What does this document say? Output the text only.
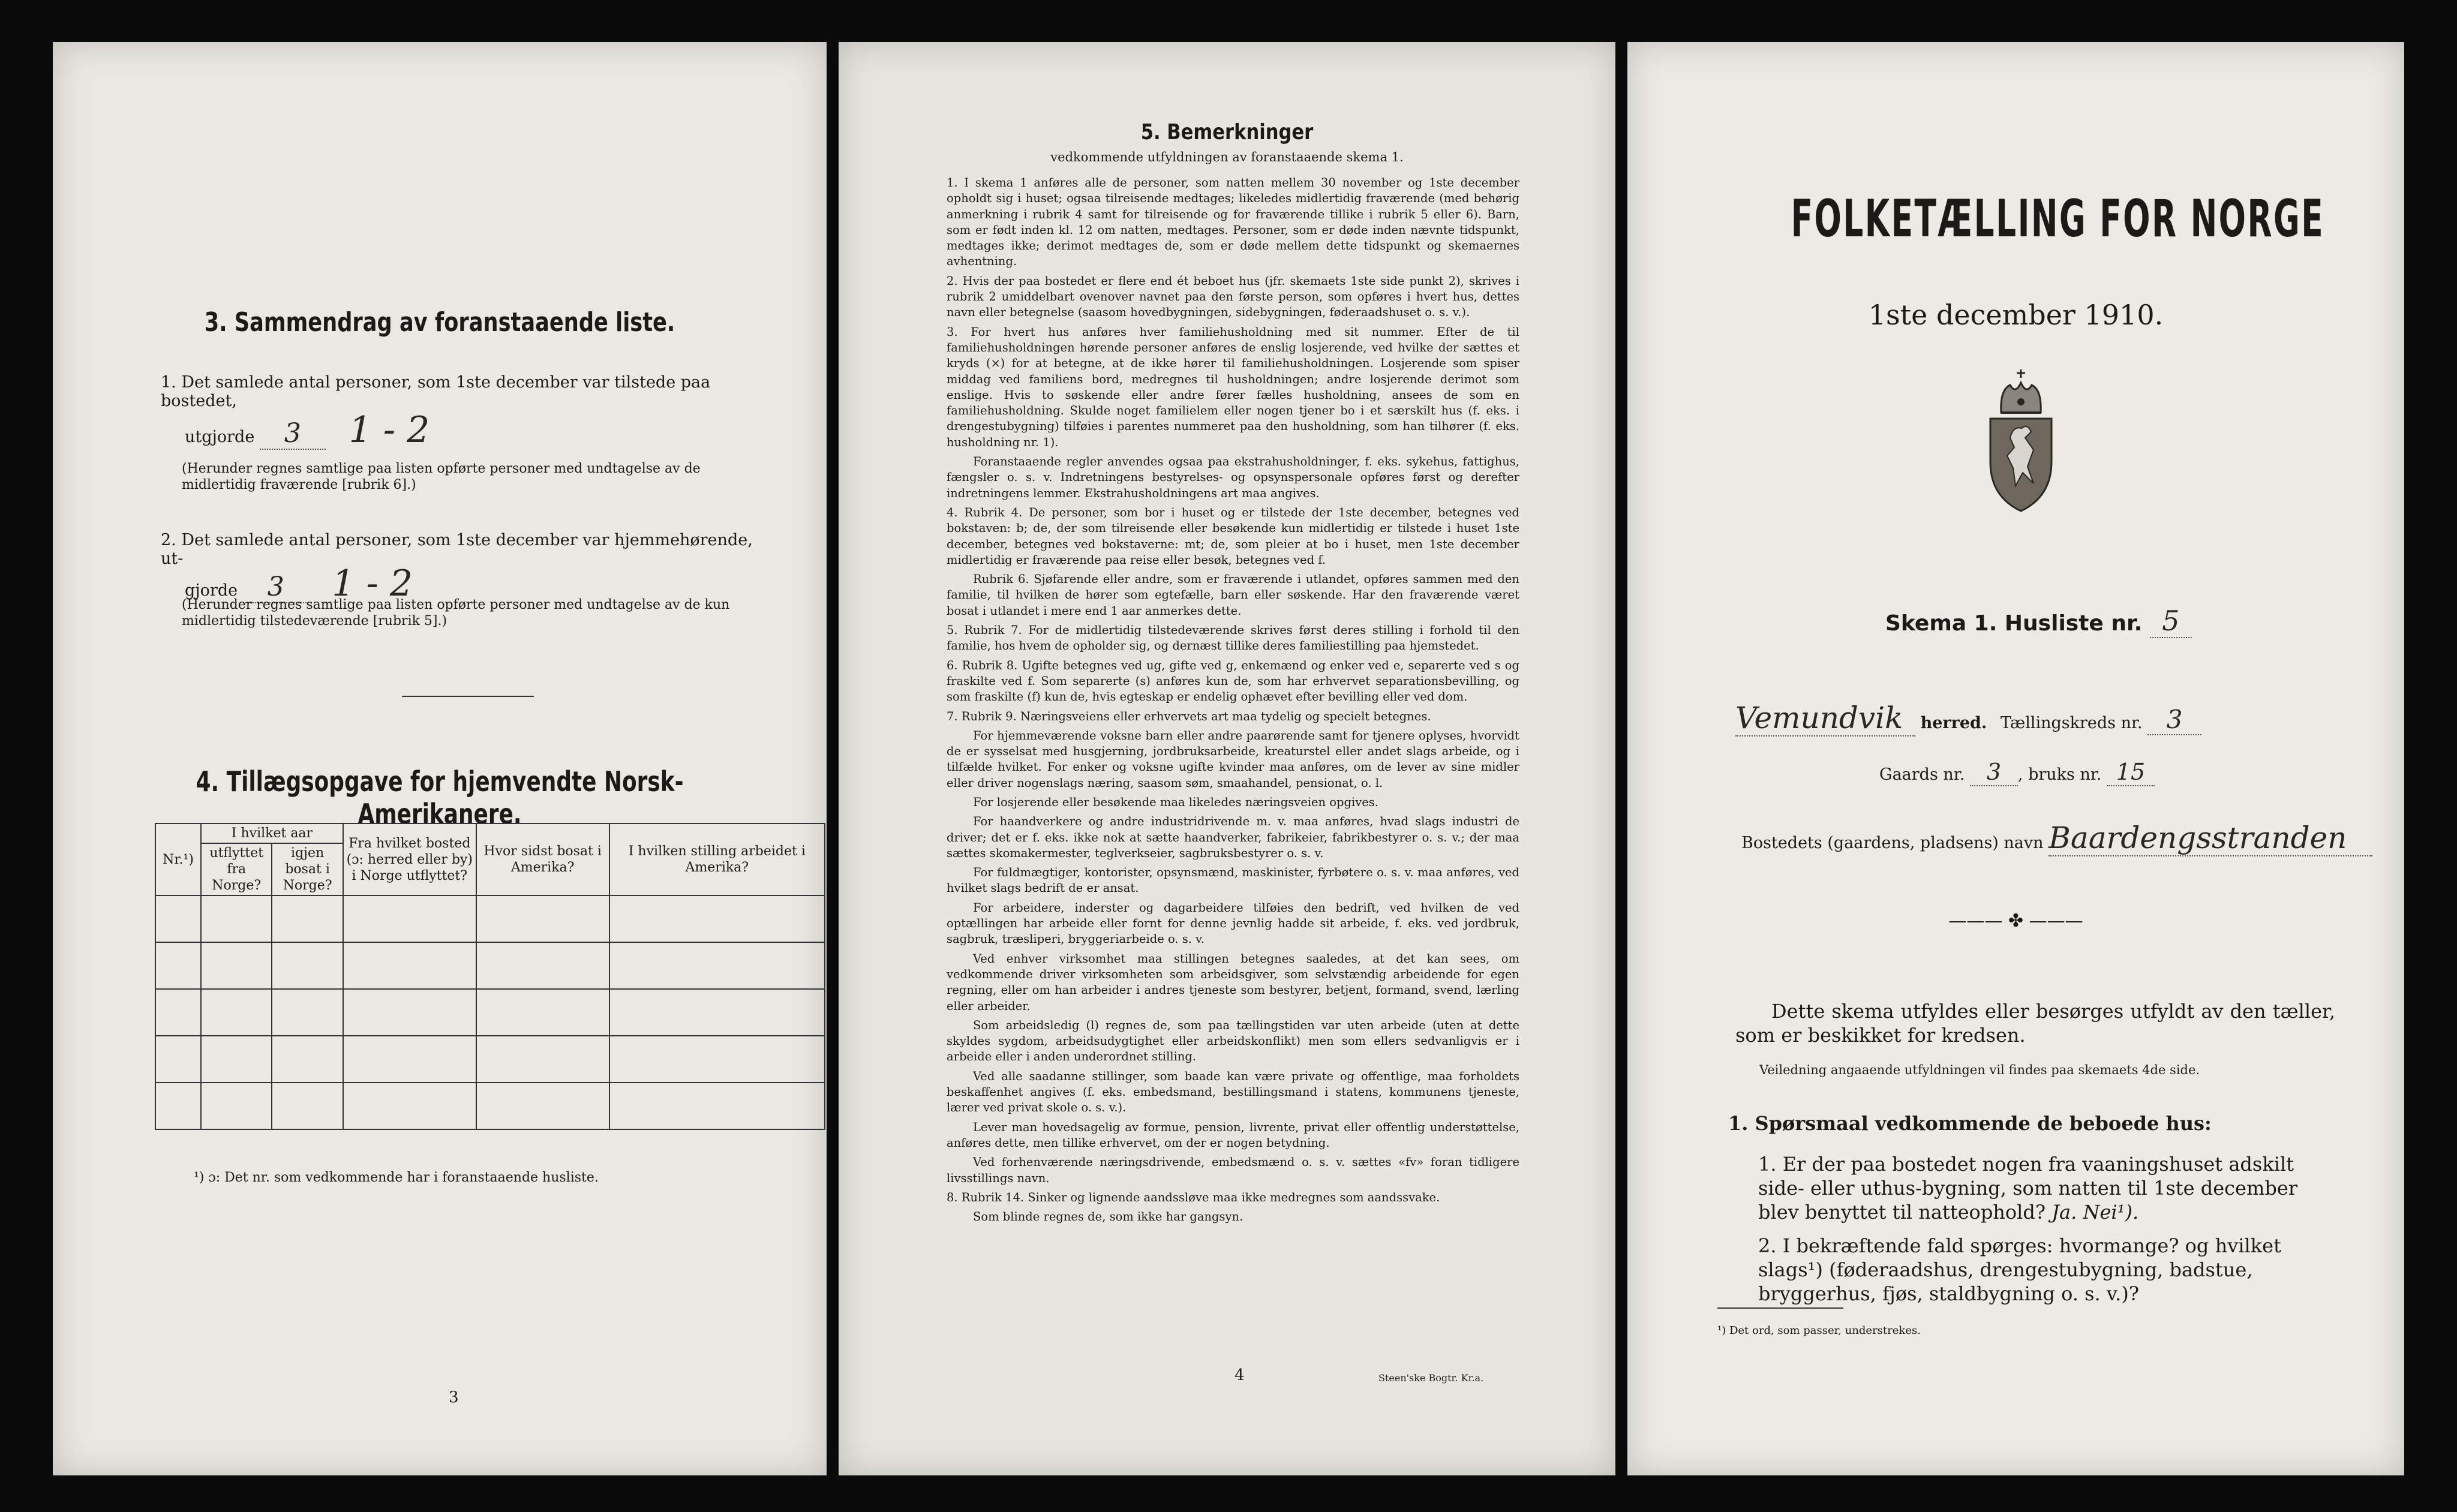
3. Sammendrag av foranstaaende liste.
1. Det samlede antal personer, som 1ste december var tilstede paa bostedet,
utgjorde 3 1 - 2
(Herunder regnes samtlige paa listen opførte personer med undtagelse av de midlertidig fraværende [rubrik 6].)
2. Det samlede antal personer, som 1ste december var hjemmehørende, ut-
gjorde 3 1 - 2
(Herunder regnes samtlige paa listen opførte personer med undtagelse av de kun midlertidig tilstedeværende [rubrik 5].)
4. Tillægsopgave for hjemvendte Norsk-Amerikanere.
Nr.¹)	I hvilket aar		Fra hvilket bosted (ɔ: herred eller by) i Norge utflyttet?	Hvor sidst bosat i Amerika?	I hvilken stilling arbeidet i Amerika?
	utflyttet fra Norge?	igjen bosat i Norge?			

¹) ɔ: Det nr. som vedkommende har i foranstaaende husliste.
3
5. Bemerkninger
vedkommende utfyldningen av foranstaaende skema 1.

1. I skema 1 anføres alle de personer, som natten mellem 30 november og 1ste december opholdt sig i huset; ogsaa tilreisende medtages; likeledes midlertidig fraværende (med behørig anmerkning i rubrik 4 samt for tilreisende og for fraværende tillike i rubrik 5 eller 6). Barn, som er født inden kl. 12 om natten, medtages. Personer, som er døde inden nævnte tidspunkt, medtages ikke; derimot medtages de, som er døde mellem dette tidspunkt og skemaernes avhentning.

2. Hvis der paa bostedet er flere end ét beboet hus (jfr. skemaets 1ste side punkt 2), skrives i rubrik 2 umiddelbart ovenover navnet paa den første person, som opføres i hvert hus, dettes navn eller betegnelse (saasom hovedbygningen, sidebygningen, føderaadshuset o. s. v.).

3. For hvert hus anføres hver familiehusholdning med sit nummer. Efter de til familiehusholdningen hørende personer anføres de enslig losjerende, ved hvilke der sættes et kryds (×) for at betegne, at de ikke hører til familiehusholdningen. Losjerende som spiser middag ved familiens bord, medregnes til husholdningen; andre losjerende derimot som enslige. Hvis to søskende eller andre fører fælles husholdning, ansees de som en familiehusholdning. Skulde noget familielem eller nogen tjener bo i et særskilt hus (f. eks. i drengestubygning) tilføies i parentes nummeret paa den husholdning, som han tilhører (f. eks. husholdning nr. 1).

Foranstaaende regler anvendes ogsaa paa ekstrahusholdninger, f. eks. sykehus, fattighus, fængsler o. s. v. Indretningens bestyrelses- og opsynspersonale opføres først og derefter indretningens lemmer. Ekstrahusholdningens art maa angives.

4. Rubrik 4. De personer, som bor i huset og er tilstede der 1ste december, betegnes ved bokstaven: b; de, der som tilreisende eller besøkende kun midlertidig er tilstede i huset 1ste december, betegnes ved bokstaverne: mt; de, som pleier at bo i huset, men 1ste december midlertidig er fraværende paa reise eller besøk, betegnes ved f.

Rubrik 6. Sjøfarende eller andre, som er fraværende i utlandet, opføres sammen med den familie, til hvilken de hører som egtefælle, barn eller søskende. Har den fraværende været bosat i utlandet i mere end 1 aar anmerkes dette.

5. Rubrik 7. For de midlertidig tilstedeværende skrives først deres stilling i forhold til den familie, hos hvem de opholder sig, og dernæst tillike deres familiestilling paa hjemstedet.

6. Rubrik 8. Ugifte betegnes ved ug, gifte ved g, enkemænd og enker ved e, separerte ved s og fraskilte ved f. Som separerte (s) anføres kun de, som har erhvervet separationsbevilling, og som fraskilte (f) kun de, hvis egteskap er endelig ophævet efter bevilling eller ved dom.

7. Rubrik 9. Næringsveiens eller erhvervets art maa tydelig og specielt betegnes.

For hjemmeværende voksne barn eller andre paarørende samt for tjenere oplyses, hvorvidt de er sysselsat med husgjerning, jordbruksarbeide, kreaturstel eller andet slags arbeide, og i tilfælde hvilket. For enker og voksne ugifte kvinder maa anføres, om de lever av sine midler eller driver nogenslags næring, saasom søm, smaahandel, pensionat, o. l.

For losjerende eller besøkende maa likeledes næringsveien opgives.

For haandverkere og andre industridrivende m. v. maa anføres, hvad slags industri de driver; det er f. eks. ikke nok at sætte haandverker, fabrikeier, fabrikbestyrer o. s. v.; der maa sættes skomakermester, teglverkseier, sagbruksbestyrer o. s. v.

For fuldmægtiger, kontorister, opsynsmænd, maskinister, fyrbøtere o. s. v. maa anføres, ved hvilket slags bedrift de er ansat.

For arbeidere, inderster og dagarbeidere tilføies den bedrift, ved hvilken de ved optællingen har arbeide eller fornt for denne jevnlig hadde sit arbeide, f. eks. ved jordbruk, sagbruk, træsliperi, bryggeriarbeide o. s. v.

Ved enhver virksomhet maa stillingen betegnes saaledes, at det kan sees, om vedkommende driver virksomheten som arbeidsgiver, som selvstændig arbeidende for egen regning, eller om han arbeider i andres tjeneste som bestyrer, betjent, formand, svend, lærling eller arbeider.

Som arbeidsledig (l) regnes de, som paa tællingstiden var uten arbeide (uten at dette skyldes sygdom, arbeidsudygtighet eller arbeidskonflikt) men som ellers sedvanligvis er i arbeide eller i anden underordnet stilling.

Ved alle saadanne stillinger, som baade kan være private og offentlige, maa forholdets beskaffenhet angives (f. eks. embedsmand, bestillingsmand i statens, kommunens tjeneste, lærer ved privat skole o. s. v.).

Lever man hovedsagelig av formue, pension, livrente, privat eller offentlig understøttelse, anføres dette, men tillike erhvervet, om der er nogen betydning.

Ved forhenværende næringsdrivende, embedsmænd o. s. v. sættes «fv» foran tidligere livsstillings navn.

8. Rubrik 14. Sinker og lignende aandssløve maa ikke medregnes som aandssvake.

Som blinde regnes de, som ikke har gangsyn.

4	Steen'ske Bogtr. Kr.a.
FOLKETÆLLING FOR NORGE
1ste december 1910.
Skema 1. Husliste nr. 5
Vemundvik herred. Tællingskreds nr. 3
Gaards nr. 3 , bruks nr. 15
Bostedets (gaardens, pladsens) navn Baardengsstranden
——— ✤ ———
Dette skema utfyldes eller besørges utfyldt av den tæller, som er beskikket for kredsen.
Veiledning angaaende utfyldningen vil findes paa skemaets 4de side.
1. Spørsmaal vedkommende de beboede hus:
1. Er der paa bostedet nogen fra vaaningshuset adskilt side- eller uthus-bygning, som natten til 1ste december blev benyttet til natteophold? Ja. Nei¹).
2. I bekræftende fald spørges: hvormange? og hvilket slags¹) (føderaadshus, drengestubygning, badstue, bryggerhus, fjøs, staldbygning o. s. v.)?
¹) Det ord, som passer, understrekes.
